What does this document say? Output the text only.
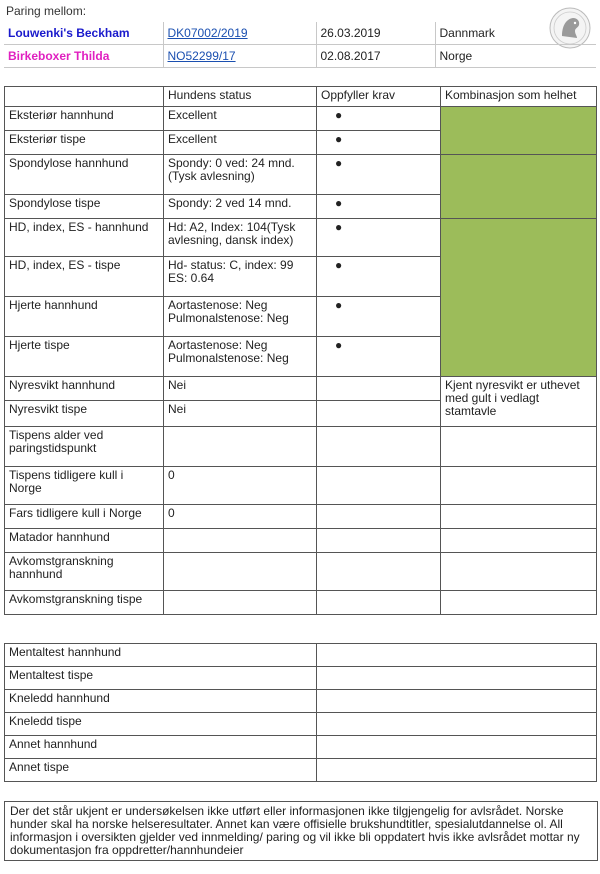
Paring mellom:
Louwenki's Beckham	DK07002/2019	26.03.2019	Dannmark
Birkeboxer Thilda	NO52299/17	02.08.2017	Norge
	Hundens status	Oppfyller krav	Kombinasjon som helhet
Eksteriør hannhund	Excellent	●	
Eksteriør tispe	Excellent	●	
Spondylose hannhund	Spondy: 0 ved: 24 mnd. (Tysk avlesning)	●	
Spondylose tispe	Spondy: 2 ved 14 mnd.	●	
HD, index, ES - hannhund	Hd: A2, Index: 104(Tysk avlesning, dansk index)	●	
HD, index, ES - tispe	Hd- status: C, index: 99 ES: 0.64	●	
Hjerte hannhund	Aortastenose: Neg Pulmonalstenose: Neg	●	
Hjerte tispe	Aortastenose: Neg Pulmonalstenose: Neg	●	
Nyresvikt hannhund	Nei		Kjent nyresvikt er uthevet med gult i vedlagt stamtavle
Nyresvikt tispe	Nei		
Tispens alder ved paringstidspunkt			
Tispens tidligere kull i Norge	0		
Fars tidligere kull i Norge	0		
Matador hannhund			
Avkomstgranskning hannhund			
Avkomstgranskning tispe			
Mentaltest hannhund	
Mentaltest tispe	
Kneledd hannhund	
Kneledd tispe	
Annet hannhund	
Annet tispe	
Der det står ukjent er undersøkelsen ikke utført eller informasjonen ikke tilgjengelig for avlsrådet. Norske hunder skal ha norske helseresultater. Annet kan være offisielle brukshundtitler, spesialutdannelse ol. All informasjon i oversikten gjelder ved innmelding/ paring og vil ikke bli oppdatert hvis ikke avlsrådet mottar ny dokumentasjon fra oppdretter/hannhundeier
